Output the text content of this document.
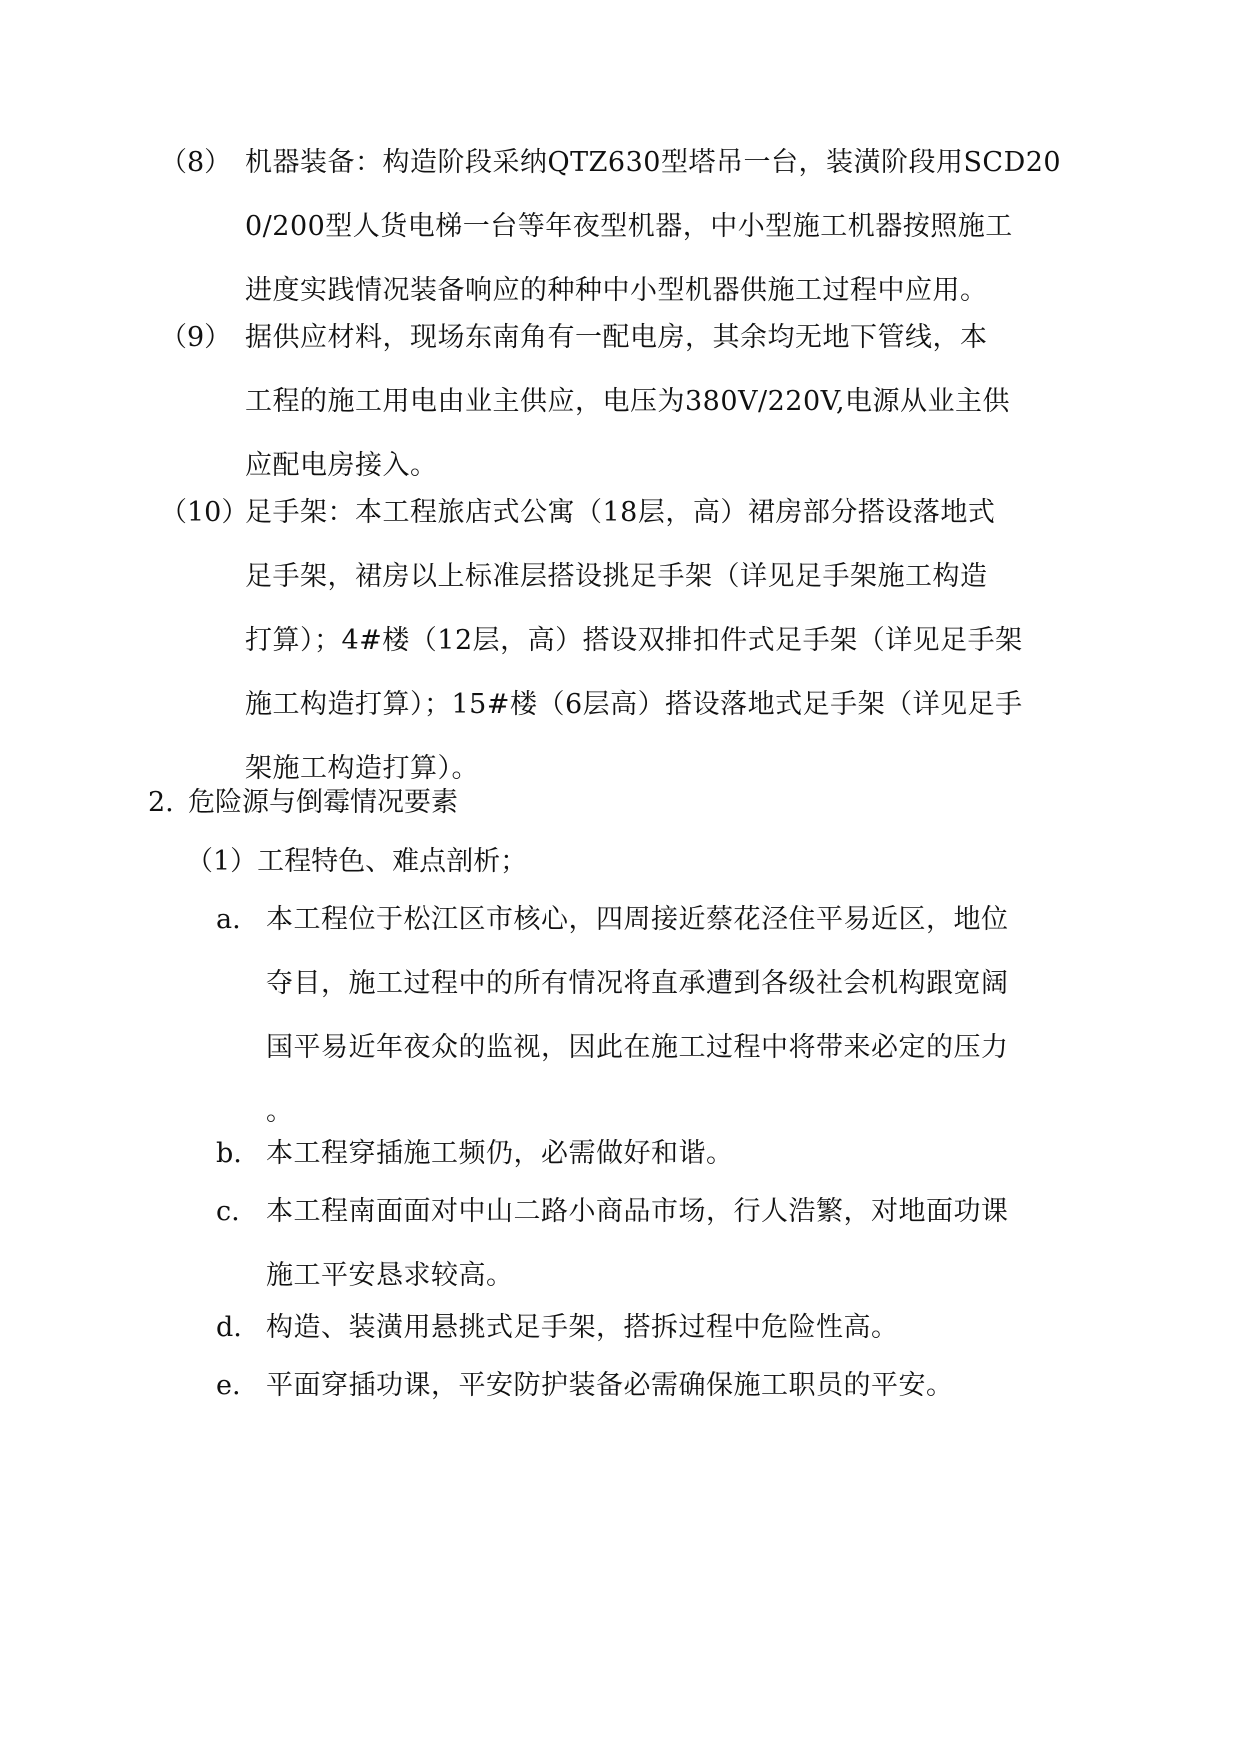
（8） 机器装备：构造阶段采纳QTZ630型塔吊一台，装潢阶段用SCD20
0/200型人货电梯一台等年夜型机器，中小型施工机器按照施工
进度实践情况装备响应的种种中小型机器供施工过程中应用。
（9） 据供应材料，现场东南角有一配电房，其余均无地下管线，本
工程的施工用电由业主供应，电压为380V/220V,电源从业主供
应配电房接入。
（10）
足手架：本工程旅店式公寓（18层，高）裙房部分搭设落地式
足手架，裙房以上标准层搭设挑足手架（详见足手架施工构造
打算）；4#楼（12层，高）搭设双排扣件式足手架（详见足手架
施工构造打算）；15#楼（6层高）搭设落地式足手架（详见足手
架施工构造打算）。
2. 危险源与倒霉情况要素
（1）工程特色、难点剖析；
a. 本工程位于松江区市核心，四周接近蔡花泾住平易近区，地位
夺目，施工过程中的所有情况将直承遭到各级社会机构跟宽阔
国平易近年夜众的监视，因此在施工过程中将带来必定的压力
。
b. 本工程穿插施工频仍，必需做好和谐。
c. 本工程南面面对中山二路小商品市场，行人浩繁，对地面功课
施工平安恳求较高。
d. 构造、装潢用悬挑式足手架，搭拆过程中危险性高。
e. 平面穿插功课，平安防护装备必需确保施工职员的平安。
